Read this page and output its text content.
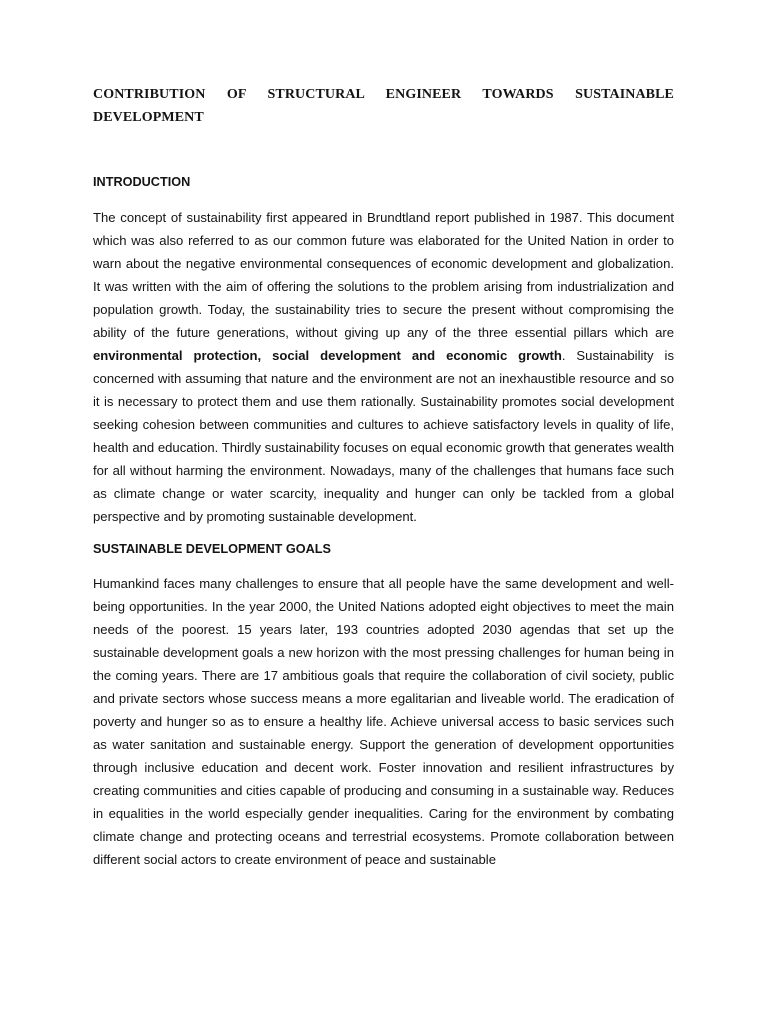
CONTRIBUTION OF STRUCTURAL ENGINEER TOWARDS SUSTAINABLE
DEVELOPMENT
INTRODUCTION

The concept of sustainability first appeared in Brundtland report published in 1987. This document which was also referred to as our common future was elaborated for the United Nation in order to warn about the negative environmental consequences of economic development and globalization. It was written with the aim of offering the solutions to the problem arising from industrialization and population growth. Today, the sustainability tries to secure the present without compromising the ability of the future generations, without giving up any of the three essential pillars which are environmental protection, social development and economic growth. Sustainability is concerned with assuming that nature and the environment are not an inexhaustible resource and so it is necessary to protect them and use them rationally. Sustainability promotes social development seeking cohesion between communities and cultures to achieve satisfactory levels in quality of life, health and education. Thirdly sustainability focuses on equal economic growth that generates wealth for all without harming the environment. Nowadays, many of the challenges that humans face such as climate change or water scarcity, inequality and hunger can only be tackled from a global perspective and by promoting sustainable development.

SUSTAINABLE DEVELOPMENT GOALS

Humankind faces many challenges to ensure that all people have the same development and well-being opportunities. In the year 2000, the United Nations adopted eight objectives to meet the main needs of the poorest. 15 years later, 193 countries adopted 2030 agendas that set up the sustainable development goals a new horizon with the most pressing challenges for human being in the coming years. There are 17 ambitious goals that require the collaboration of civil society, public and private sectors whose success means a more egalitarian and liveable world. The eradication of poverty and hunger so as to ensure a healthy life. Achieve universal access to basic services such as water sanitation and sustainable energy. Support the generation of development opportunities through inclusive education and decent work. Foster innovation and resilient infrastructures by creating communities and cities capable of producing and consuming in a sustainable way. Reduces in equalities in the world especially gender inequalities. Caring for the environment by combating climate change and protecting oceans and terrestrial ecosystems. Promote collaboration between different social actors to create environment of peace and sustainable
